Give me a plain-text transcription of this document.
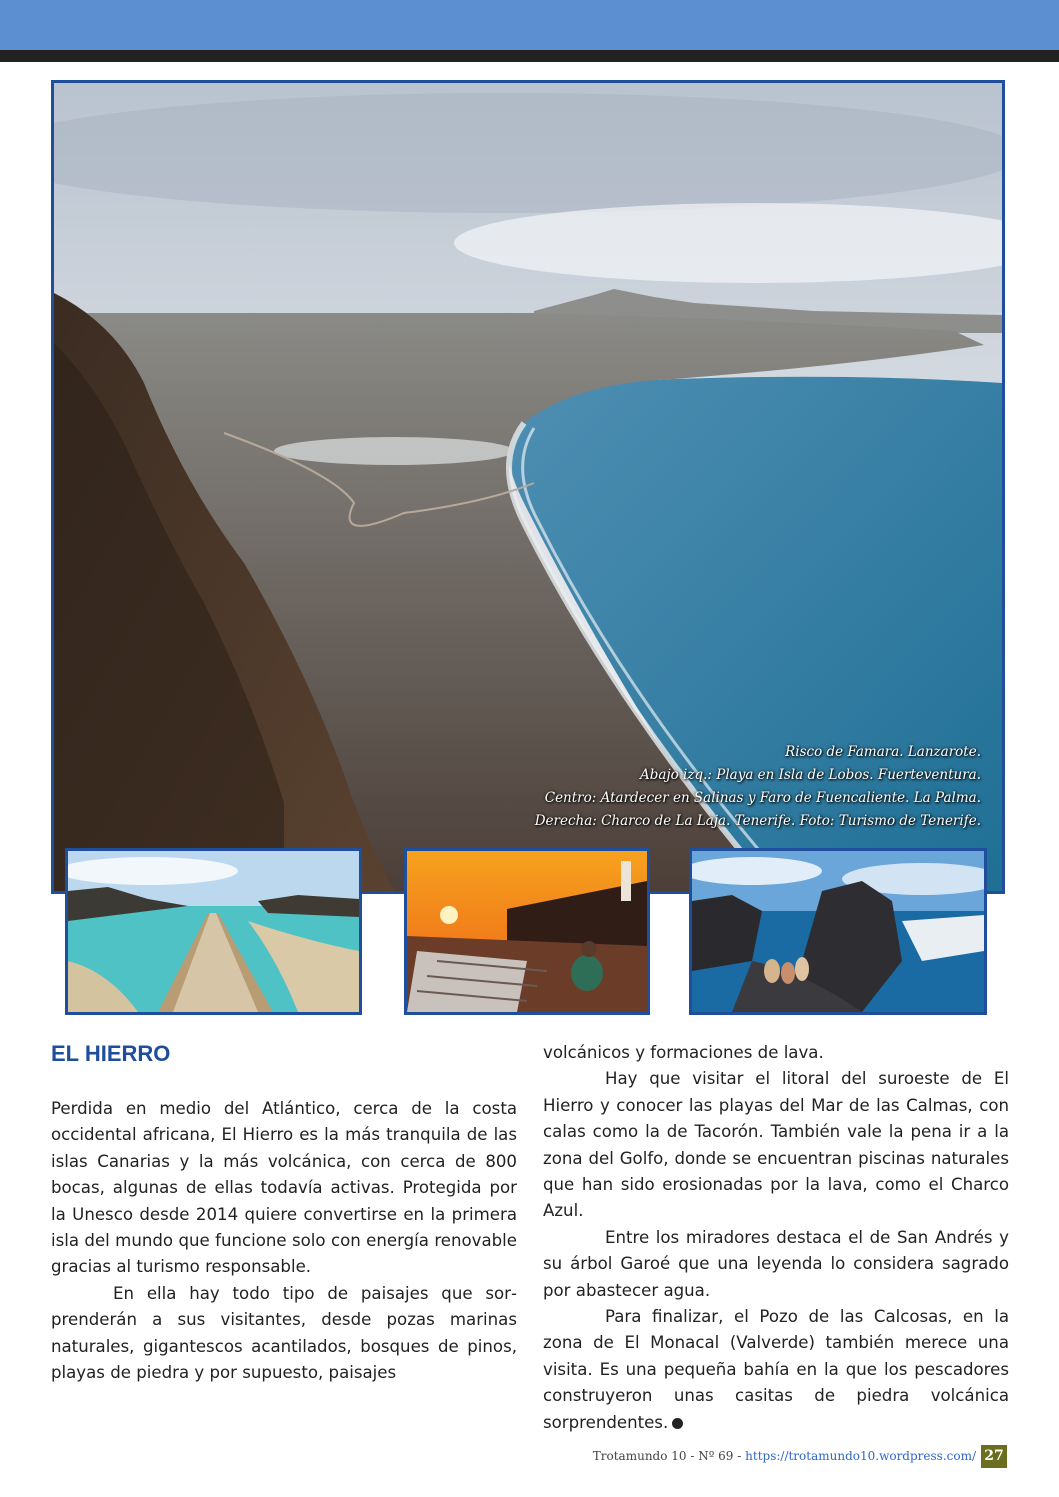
Risco de Famara. Lanzarote.
Abajo izq.: Playa en Isla de Lobos. Fuerteventura.
Centro: Atardecer en Salinas y Faro de Fuencaliente. La Palma.
Derecha: Charco de La Laja. Tenerife. Foto: Turismo de Tenerife.
EL HIERRO

Perdida en medio del Atlántico, cerca de la costa occidental africana, El Hierro es la más tranquila de las islas Canarias y la más volcánica, con cerca de 800 bocas, algunas de ellas todavía activas. Protegida por la Unesco desde 2014 quiere convertirse en la primera isla del mundo que funcione solo con energía renovable gracias al turismo responsable.

En ella hay todo tipo de paisajes que sorprenderán a sus visitantes, desde pozas marinas naturales, gigantescos acantilados, bosques de pinos, playas de piedra y por supuesto, paisajes

volcánicos y formaciones de lava.

Hay que visitar el litoral del suroeste de El Hierro y conocer las playas del Mar de las Calmas, con calas como la de Tacorón. También vale la pena ir a la zona del Golfo, donde se encuentran piscinas naturales que han sido erosionadas por la lava, como el Charco Azul.

Entre los miradores destaca el de San Andrés y su árbol Garoé que una leyenda lo considera sagrado por abastecer agua.

Para finalizar, el Pozo de las Calcosas, en la zona de El Monacal (Valverde) también merece una visita. Es una pequeña bahía en la que los pescadores construyeron unas casitas de piedra volcánica sorprendentes.

Trotamundo 10 - Nº 69 - https://trotamundo10.wordpress.com/ 27
